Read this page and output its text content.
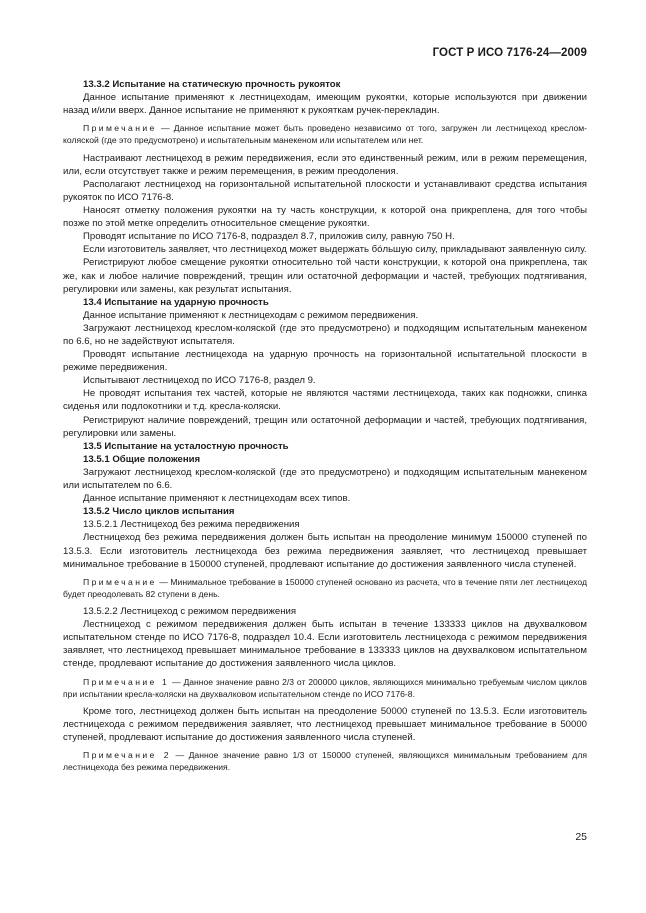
ГОСТ Р ИСО 7176-24—2009

13.3.2 Испытание на статическую прочность рукояток

Данное испытание применяют к лестницеходам, имеющим рукоятки, которые используются при движении назад и/или вверх. Данное испытание не применяют к рукояткам ручек-перекладин.

Примечание — Данное испытание может быть проведено независимо от того, загружен ли лестницеход креслом-коляской (где это предусмотрено) и испытательным манекеном или испытателем или нет.

Настраивают лестницеход в режим передвижения, если это единственный режим, или в режим перемещения, или, если отсутствует также и режим перемещения, в режим преодоления.

Располагают лестницеход на горизонтальной испытательной плоскости и устанавливают средства испытания рукояток по ИСО 7176-8.

Наносят отметку положения рукоятки на ту часть конструкции, к которой она прикреплена, для того чтобы позже по этой метке определить относительное смещение рукоятки.

Проводят испытание по ИСО 7176-8, подраздел 8.7, приложив силу, равную 750 Н.

Если изготовитель заявляет, что лестницеход может выдержать бо́льшую силу, прикладывают заявленную силу.

Регистрируют любое смещение рукоятки относительно той части конструкции, к которой она прикреплена, так же, как и любое наличие повреждений, трещин или остаточной деформации и частей, требующих подтягивания, регулировки или замены, как результат испытания.

13.4 Испытание на ударную прочность

Данное испытание применяют к лестницеходам с режимом передвижения.

Загружают лестницеход креслом-коляской (где это предусмотрено) и подходящим испытательным манекеном по 6.6, но не задействуют испытателя.

Проводят испытание лестницехода на ударную прочность на горизонтальной испытательной плоскости в режиме передвижения.

Испытывают лестницеход по ИСО 7176-8, раздел 9.

Не проводят испытания тех частей, которые не являются частями лестницехода, таких как подножки, спинка сиденья или подлокотники и т.д. кресла-коляски.

Регистрируют наличие повреждений, трещин или остаточной деформации и частей, требующих подтягивания, регулировки или замены.

13.5 Испытание на усталостную прочность

13.5.1 Общие положения

Загружают лестницеход креслом-коляской (где это предусмотрено) и подходящим испытательным манекеном или испытателем по 6.6.

Данное испытание применяют к лестницеходам всех типов.

13.5.2 Число циклов испытания

13.5.2.1 Лестницеход без режима передвижения

Лестницеход без режима передвижения должен быть испытан на преодоление минимум 150000 ступеней по 13.5.3. Если изготовитель лестницехода без режима передвижения заявляет, что лестницеход превышает минимальное требование в 150000 ступеней, продлевают испытание до достижения заявленного числа ступеней.

Примечание — Минимальное требование в 150000 ступеней основано из расчета, что в течение пяти лет лестницеход будет преодолевать 82 ступени в день.

13.5.2.2 Лестницеход с режимом передвижения

Лестницеход с режимом передвижения должен быть испытан в течение 133333 циклов на двухвалковом испытательном стенде по ИСО 7176-8, подраздел 10.4. Если изготовитель лестницехода с режимом передвижения заявляет, что лестницеход превышает минимальное требование в 133333 циклов на двухвалковом испытательном стенде, продлевают испытание до достижения заявленного числа циклов.

Примечание 1 — Данное значение равно 2/3 от 200000 циклов, являющихся минимально требуемым числом циклов при испытании кресла-коляски на двухвалковом испытательном стенде по ИСО 7176-8.

Кроме того, лестницеход должен быть испытан на преодоление 50000 ступеней по 13.5.3. Если изготовитель лестницехода с режимом передвижения заявляет, что лестницеход превышает минимальное требование в 50000 ступеней, продлевают испытание до достижения заявленного числа ступеней.

Примечание 2 — Данное значение равно 1/3 от 150000 ступеней, являющихся минимальным требованием для лестницехода без режима передвижения.

25
